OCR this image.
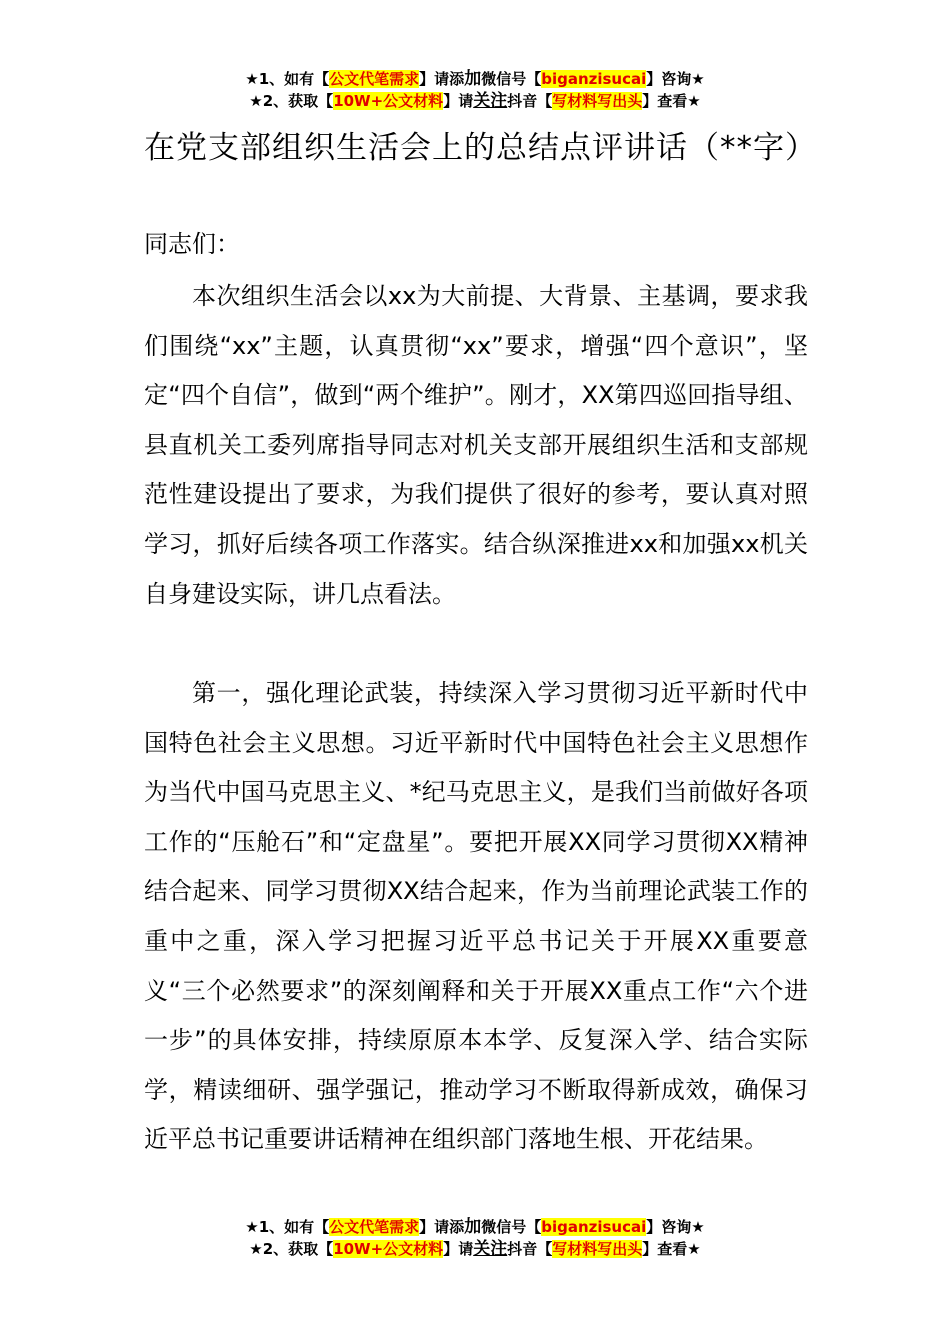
★1、如有【公文代笔需求】请添加微信号【biganzisucai】咨询★
★2、获取【10W+公文材料】请关注抖音【写材料写出头】查看★
在党支部组织生活会上的总结点评讲话（**字）
同志们：

本次组织生活会以xx为大前提、大背景、主基调，要求我们围绕“xx”主题，认真贯彻“xx”要求，增强“四个意识”，坚定“四个自信”，做到“两个维护”。刚才，XX第四巡回指导组、县直机关工委列席指导同志对机关支部开展组织生活和支部规范性建设提出了要求，为我们提供了很好的参考，要认真对照学习，抓好后续各项工作落实。结合纵深推进xx和加强xx机关自身建设实际，讲几点看法。

第一，强化理论武装，持续深入学习贯彻习近平新时代中国特色社会主义思想。习近平新时代中国特色社会主义思想作为当代中国马克思主义、*纪马克思主义，是我们当前做好各项工作的“压舱石”和“定盘星”。要把开展XX同学习贯彻XX精神结合起来、同学习贯彻XX结合起来，作为当前理论武装工作的重中之重，深入学习把握习近平总书记关于开展XX重要意义“三个必然要求”的深刻阐释和关于开展XX重点工作“六个进一步”的具体安排，持续原原本本学、反复深入学、结合实际学，精读细研、强学强记，推动学习不断取得新成效，确保习近平总书记重要讲话精神在组织部门落地生根、开花结果。

★1、如有【公文代笔需求】请添加微信号【biganzisucai】咨询★
★2、获取【10W+公文材料】请关注抖音【写材料写出头】查看★
